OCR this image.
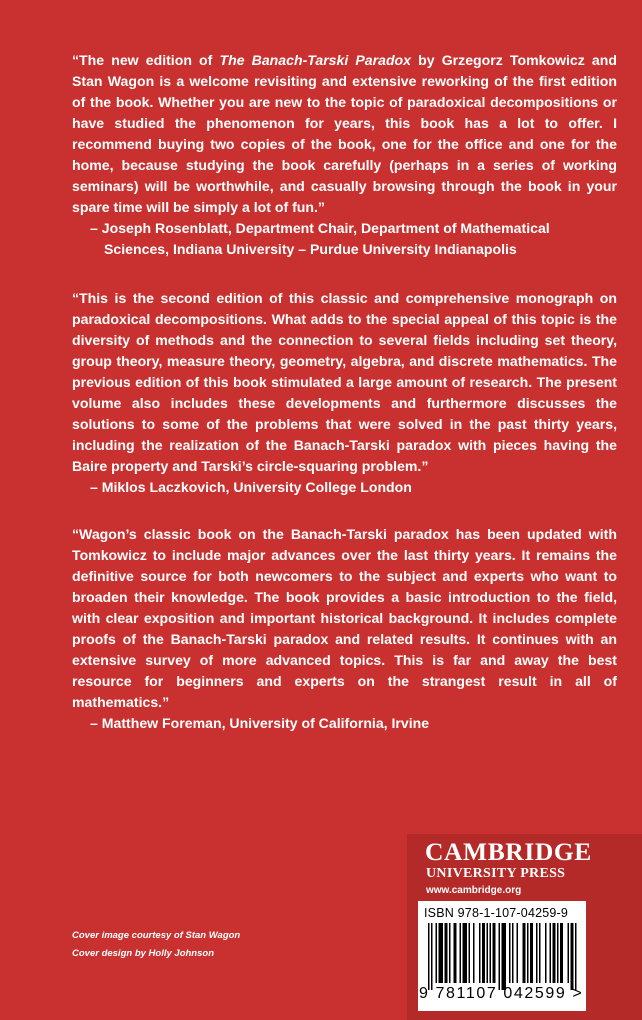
“The new edition of The Banach-Tarski Paradox by Grzegorz Tomkowicz and Stan Wagon is a welcome revisiting and extensive reworking of the first edition of the book. Whether you are new to the topic of paradoxical decompositions or have studied the phenomenon for years, this book has a lot to offer. I recommend buying two copies of the book, one for the office and one for the home, because studying the book carefully (perhaps in a series of working seminars) will be worthwhile, and casually browsing through the book in your spare time will be simply a lot of fun.”

– Joseph Rosenblatt, Department Chair, Department of Mathematical Sciences, Indiana University – Purdue University Indianapolis

“This is the second edition of this classic and comprehensive monograph on paradoxical decompositions. What adds to the special appeal of this topic is the diversity of methods and the connection to several fields including set theory, group theory, measure theory, geometry, algebra, and discrete mathematics. The previous edition of this book stimulated a large amount of research. The present volume also includes these developments and furthermore discusses the solutions to some of the problems that were solved in the past thirty years, including the realization of the Banach-Tarski paradox with pieces having the Baire property and Tarski’s circle-squaring problem.”

– Miklos Laczkovich, University College London

“Wagon’s classic book on the Banach-Tarski paradox has been updated with Tomkowicz to include major advances over the last thirty years. It remains the definitive source for both newcomers to the subject and experts who want to broaden their knowledge. The book provides a basic introduction to the field, with clear exposition and important historical background. It includes complete proofs of the Banach-Tarski paradox and related results. It continues with an extensive survey of more advanced topics. This is far and away the best resource for beginners and experts on the strangest result in all of mathematics.”

– Matthew Foreman, University of California, Irvine

Cover image courtesy of Stan Wagon
Cover design by Holly Johnson
CAMBRIDGE
UNIVERSITY PRESS
www.cambridge.org
ISBN 978-1-107-04259-9
9 781107 042599 >
